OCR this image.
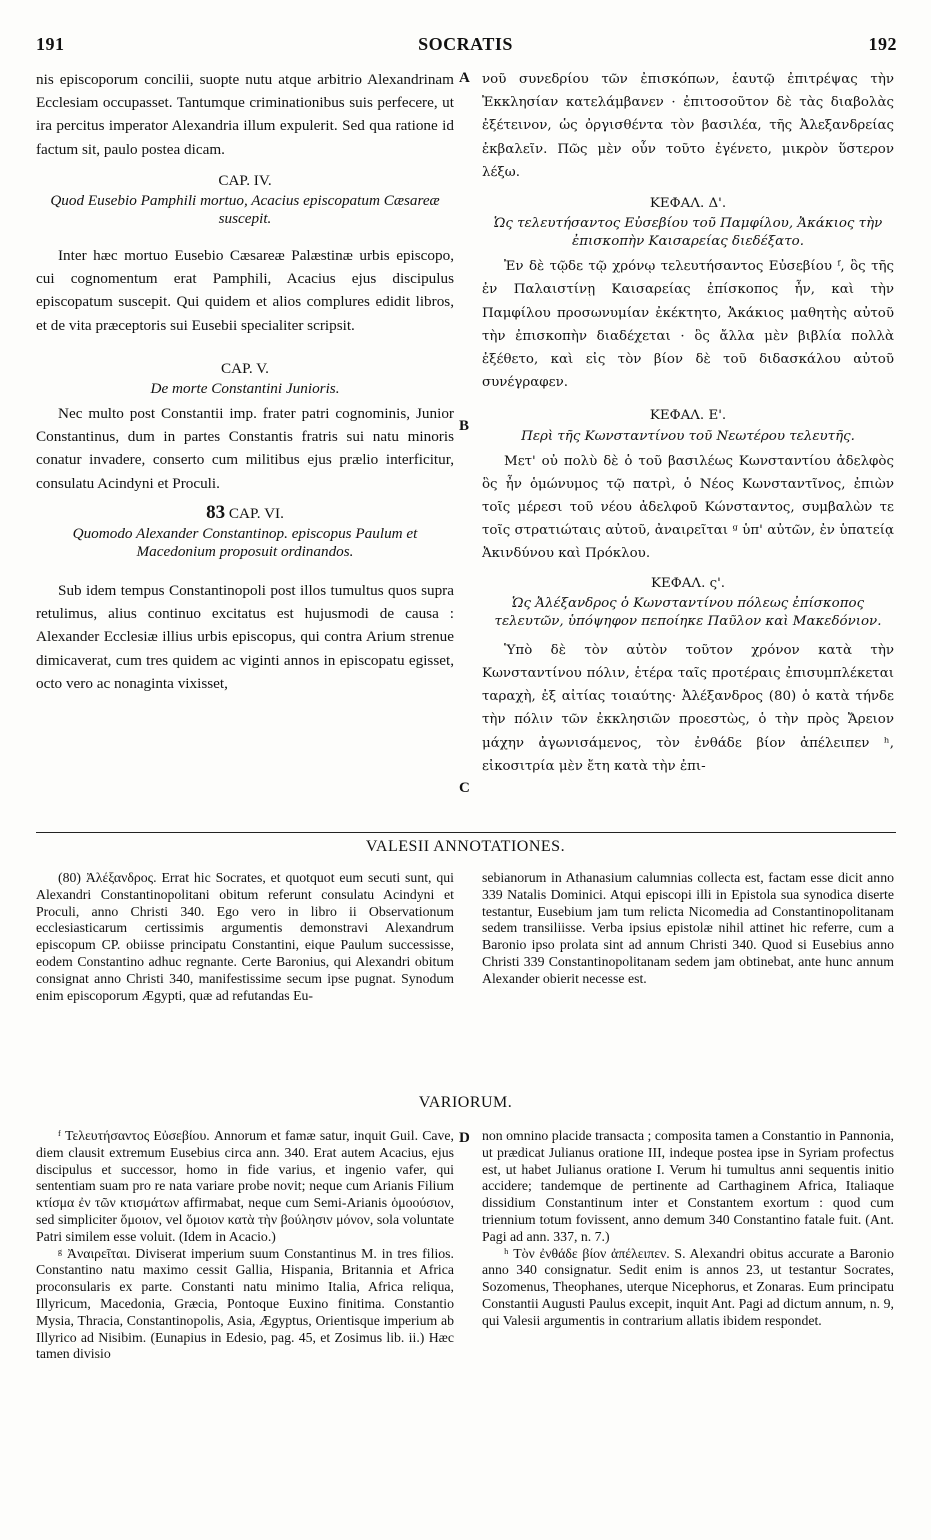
191	SOCRATIS	192
A
B
C
D

nis episcoporum concilii, suopte nutu atque arbitrio Alexandrinam Ecclesiam occupasset. Tantumque criminationibus suis perfecere, ut ira percitus imperator Alexandria illum expulerit. Sed qua ratione id factum sit, paulo postea dicam.

CAP. IV.

Quod Eusebio Pamphili mortuo, Acacius episcopatum Cæsareæ suscepit.

Inter hæc mortuo Eusebio Cæsareæ Palæstinæ urbis episcopo, cui cognomentum erat Pamphili, Acacius ejus discipulus episcopatum suscepit. Qui quidem et alios complures edidit libros, et de vita præceptoris sui Eusebii specialiter scripsit.

CAP. V.

De morte Constantini Junioris.

Nec multo post Constantii imp. frater patri cognominis, Junior Constantinus, dum in partes Constantis fratris sui natu minoris conatur invadere, conserto cum militibus ejus prælio interficitur, consulatu Acindyni et Proculi.

83 CAP. VI.

Quomodo Alexander Constantinop. episcopus Paulum et Macedonium proposuit ordinandos.

Sub idem tempus Constantinopoli post illos tumultus quos supra retulimus, alius continuo excitatus est hujusmodi de causa : Alexander Ecclesiæ illius urbis episcopus, qui contra Arium strenue dimicaverat, cum tres quidem ac viginti annos in episcopatu egisset, octo vero ac nonaginta vixisset,

νοῦ συνεδρίου τῶν ἐπισκόπων, ἑαυτῷ ἐπιτρέψας τὴν Ἐκκλησίαν κατελάμβανεν · ἐπιτοσοῦτον δὲ τὰς διαβολὰς ἐξέτεινον, ὡς ὀργισθέντα τὸν βασιλέα, τῆς Ἀλεξανδρείας ἐκβαλεῖν. Πῶς μὲν οὖν τοῦτο ἐγένετο, μικρὸν ὕστερον λέξω.

ΚΕΦΑΛ. Δ'.

Ὡς τελευτήσαντος Εὐσεβίου τοῦ Παμφίλου, Ἀκάκιος τὴν ἐπισκοπὴν Καισαρείας διεδέξατο.

Ἐν δὲ τῷδε τῷ χρόνῳ τελευτήσαντος Εὐσεβίου ᶠ, ὃς τῆς ἐν Παλαιστίνῃ Καισαρείας ἐπίσκοπος ἦν, καὶ τὴν Παμφίλου προσωνυμίαν ἐκέκτητο, Ἀκάκιος μαθητὴς αὐτοῦ τὴν ἐπισκοπὴν διαδέχεται · ὃς ἄλλα μὲν βιβλία πολλὰ ἐξέθετο, καὶ εἰς τὸν βίον δὲ τοῦ διδασκάλου αὐτοῦ συνέγραφεν.

ΚΕΦΑΛ. Ε'.

Περὶ τῆς Κωνσταντίνου τοῦ Νεωτέρου τελευτῆς.

Μετ' οὐ πολὺ δὲ ὁ τοῦ βασιλέως Κωνσταντίου ἀδελφὸς ὃς ἦν ὁμώνυμος τῷ πατρὶ, ὁ Νέος Κωνσταντῖνος, ἐπιὼν τοῖς μέρεσι τοῦ νέου ἀδελφοῦ Κώνσταντος, συμβαλὼν τε τοῖς στρατιώταις αὐτοῦ, ἀναιρεῖται ᵍ ὑπ' αὐτῶν, ἐν ὑπατείᾳ Ἀκινδύνου καὶ Πρόκλου.

ΚΕΦΑΛ. ς'.

Ὡς Ἀλέξανδρος ὁ Κωνσταντίνου πόλεως ἐπίσκοπος τελευτῶν, ὑπόψηφον πεποίηκε Παῦλον καὶ Μακεδόνιον.

Ὑπὸ δὲ τὸν αὐτὸν τοῦτον χρόνον κατὰ τὴν Κωνσταντίνου πόλιν, ἑτέρα ταῖς προτέραις ἐπισυμπλέκεται ταραχὴ, ἐξ αἰτίας τοιαύτης· Ἀλέξανδρος (80) ὁ κατὰ τήνδε τὴν πόλιν τῶν ἐκκλησιῶν προεστὼς, ὁ τὴν πρὸς Ἄρειον μάχην ἀγωνισάμενος, τὸν ἐνθάδε βίον ἀπέλειπεν ʰ, εἰκοσιτρία μὲν ἔτη κατὰ τὴν ἐπι-

VALESII ANNOTATIONES.

(80) Ἀλέξανδρος. Errat hic Socrates, et quotquot eum secuti sunt, qui Alexandri Constantinopolitani obitum referunt consulatu Acindyni et Proculi, anno Christi 340. Ego vero in libro ii Observationum ecclesiasticarum certissimis argumentis demonstravi Alexandrum episcopum CP. obiisse principatu Constantini, eique Paulum successisse, eodem Constantino adhuc regnante. Certe Baronius, qui Alexandri obitum consignat anno Christi 340, manifestissime secum ipse pugnat. Synodum enim episcoporum Ægypti, quæ ad refutandas Eu-

sebianorum in Athanasium calumnias collecta est, factam esse dicit anno 339 Natalis Dominici. Atqui episcopi illi in Epistola sua synodica diserte testantur, Eusebium jam tum relicta Nicomedia ad Constantinopolitanam sedem transiliisse. Verba ipsius epistolæ nihil attinet hic referre, cum a Baronio ipso prolata sint ad annum Christi 340. Quod si Eusebius anno Christi 339 Constantinopolitanam sedem jam obtinebat, ante hunc annum Alexander obierit necesse est.

VARIORUM.

ᶠ Τελευτήσαντος Εὐσεβίου. Annorum et famæ satur, inquit Guil. Cave, diem clausit extremum Eusebius circa ann. 340. Erat autem Acacius, ejus discipulus et successor, homo in fide varius, et ingenio vafer, qui sententiam suam pro re nata variare probe novit; neque cum Arianis Filium κτίσμα ἐν τῶν κτισμάτων affirmabat, neque cum Semi-Arianis ὁμοούσιον, sed simpliciter ὅμοιον, vel ὅμοιον κατὰ τὴν βούλησιν μόνον, sola voluntate Patri similem esse voluit. (Idem in Acacio.)

ᵍ Ἀναιρεῖται. Diviserat imperium suum Constantinus M. in tres filios. Constantino natu maximo cessit Gallia, Hispania, Britannia et Africa proconsularis ex parte. Constanti natu minimo Italia, Africa reliqua, Illyricum, Macedonia, Græcia, Pontoque Euxino finitima. Constantio Mysia, Thracia, Constantinopolis, Asia, Ægyptus, Orientisque imperium ab Illyrico ad Nisibim. (Eunapius in Edesio, pag. 45, et Zosimus lib. ii.) Hæc tamen divisio

non omnino placide transacta ; composita tamen a Constantio in Pannonia, ut prædicat Julianus oratione III, indeque postea ipse in Syriam profectus est, ut habet Julianus oratione I. Verum hi tumultus anni sequentis initio accidere; tandemque de pertinente ad Carthaginem Africa, Italiaque dissidium Constantinum inter et Constantem exortum : quod cum triennium totum fovissent, anno demum 340 Constantino fatale fuit. (Ant. Pagi ad ann. 337, n. 7.)

ʰ Τὸν ἐνθάδε βίον ἀπέλειπεν. S. Alexandri obitus accurate a Baronio anno 340 consignatur. Sedit enim is annos 23, ut testantur Socrates, Sozomenus, Theophanes, uterque Nicephorus, et Zonaras. Eum principatu Constantii Augusti Paulus excepit, inquit Ant. Pagi ad dictum annum, n. 9, qui Valesii argumentis in contrarium allatis ibidem respondet.
